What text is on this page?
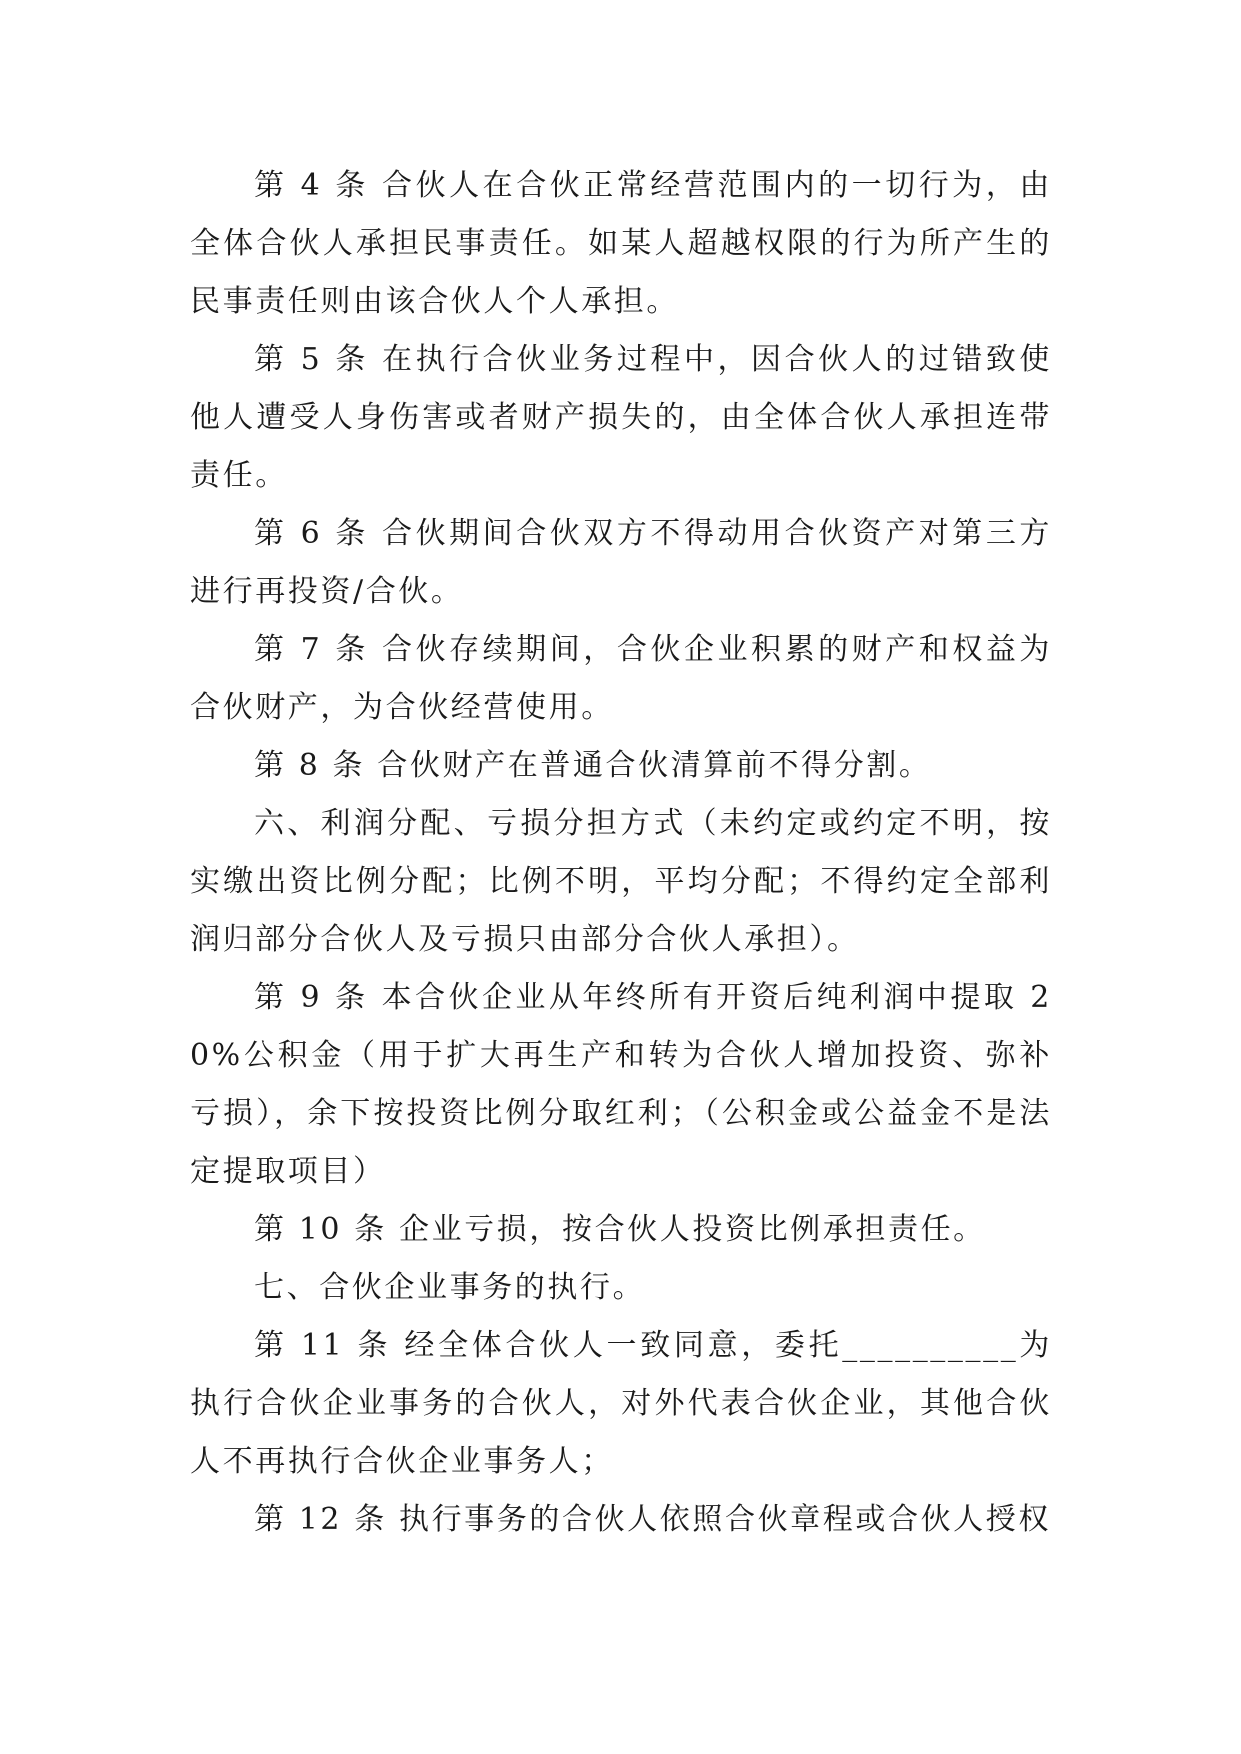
第 4 条 合伙人在合伙正常经营范围内的一切行为，由全体合伙人承担民事责任。如某人超越权限的行为所产生的民事责任则由该合伙人个人承担。

第 5 条 在执行合伙业务过程中，因合伙人的过错致使他人遭受人身伤害或者财产损失的，由全体合伙人承担连带责任。

第 6 条 合伙期间合伙双方不得动用合伙资产对第三方进行再投资/合伙。

第 7 条 合伙存续期间，合伙企业积累的财产和权益为合伙财产，为合伙经营使用。

第 8 条 合伙财产在普通合伙清算前不得分割。

六、利润分配、亏损分担方式（未约定或约定不明，按实缴出资比例分配；比例不明，平均分配；不得约定全部利润归部分合伙人及亏损只由部分合伙人承担）。

第 9 条 本合伙企业从年终所有开资后纯利润中提取 20%公积金（用于扩大再生产和转为合伙人增加投资、弥补亏损），余下按投资比例分取红利；（公积金或公益金不是法定提取项目）

第 10 条 企业亏损，按合伙人投资比例承担责任。

七、合伙企业事务的执行。

第 11 条 经全体合伙人一致同意，委托__________为执行合伙企业事务的合伙人，对外代表合伙企业，其他合伙人不再执行合伙企业事务人；

第 12 条 执行事务的合伙人依照合伙章程或合伙人授权
